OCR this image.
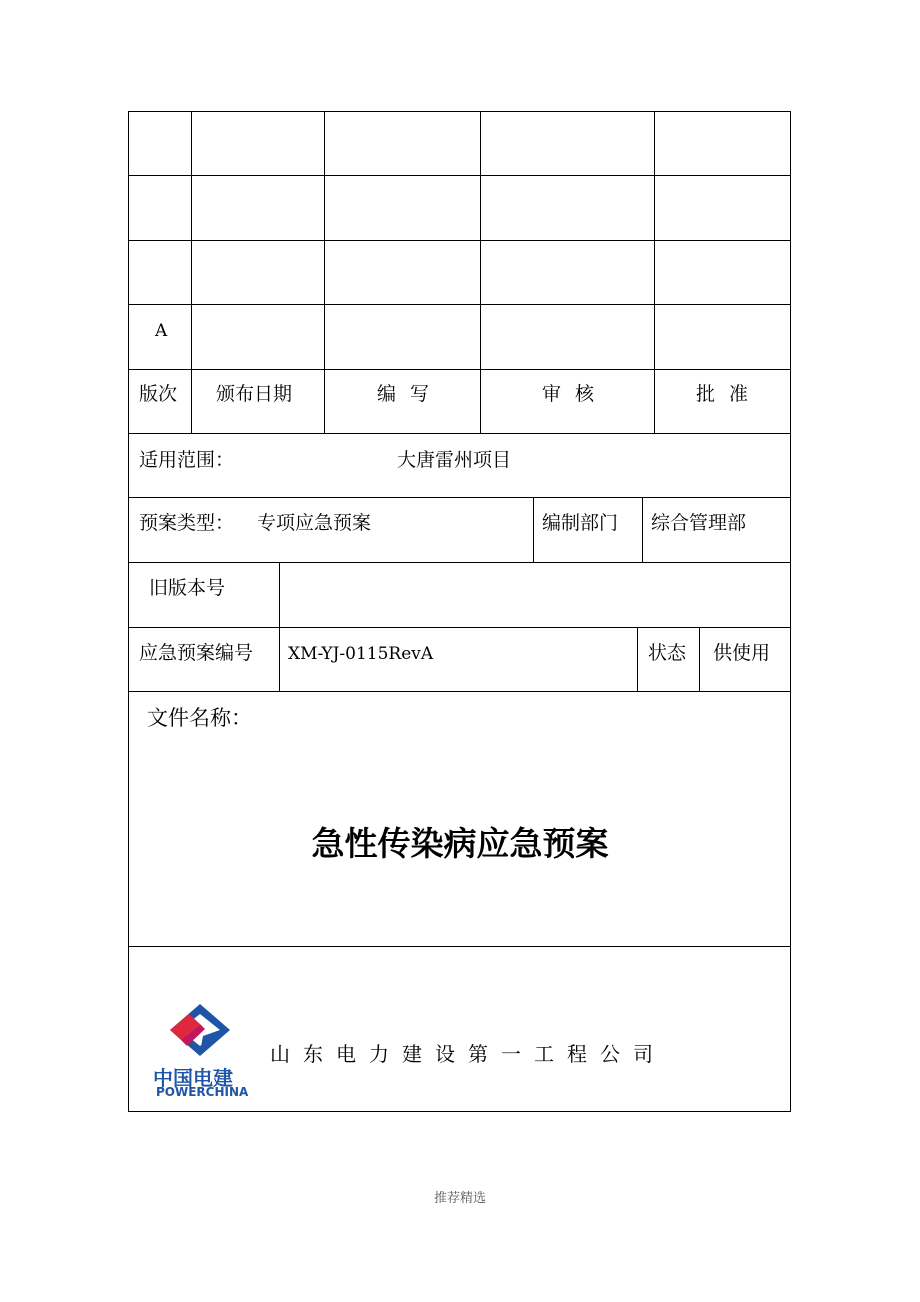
A
版次 颁布日期	编 写	审 核	批 准
适用范围：	大唐雷州项目
预案类型： 专项应急预案	编制部门 综合管理部
旧版本号
应急预案编号 XM-YJ-0115RevA	状态 供使用
文件名称：
急性传染病应急预案
中国电建
POWERCHINA
山东电力建设第一工程公司
推荐精选
